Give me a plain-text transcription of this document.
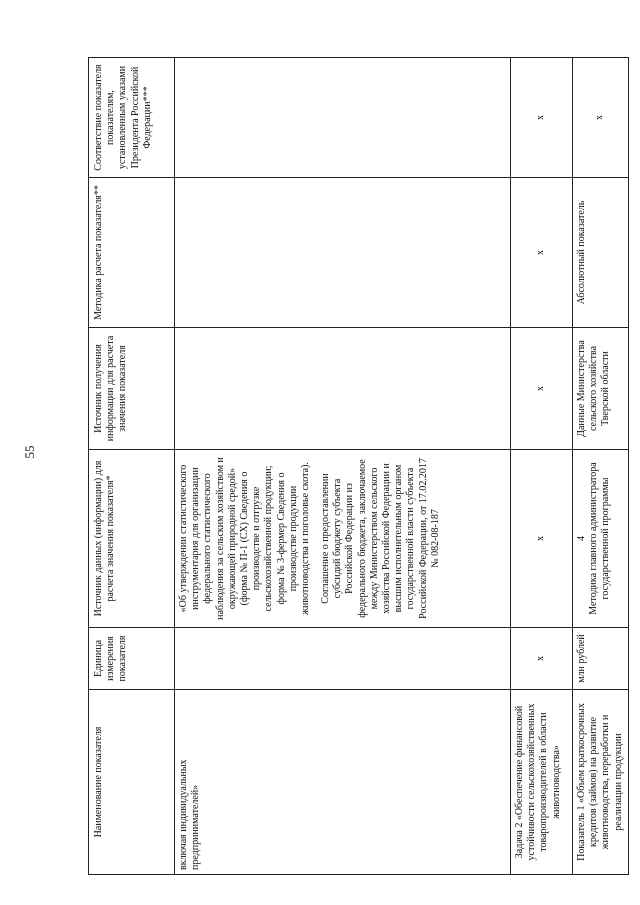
55
Наименование показателя	Единица измерения показателя	Источник данных (информации) для расчета значения показателя*	Источник получения информации для расчета значения показателя	Методика расчета показателя**	Соответствие показателя показателям, установленным указами Президента Российской Федерации***
включая индивидуальных предпринимателей»		«Об утверждении статистического инструментария для организации федерального статистического наблюдения за сельским хозяйством и окружающей природной средой» (форма № П-1 (СХ) Сведения о производстве и отгрузке сельскохозяйственной продукции; форма № 3-фермер Сведения о производстве продукции животноводства и поголовье скота). Соглашение о предоставлении субсидий бюджету субъекта Российской Федерации из федерального бюджета, заключаемое между Министерством сельского хозяйства Российской Федерации и высшим исполнительным органом государственной власти субъекта Российской Федерации, от 17.02.2017 № 082-08-187			

Задача 2 «Обеспечение финансовой устойчивости сельскохозяйственных товаропроизводителей в области животноводства»	х	х	х	х	х
Показатель 1 «Объем краткосрочных кредитов (займов) на развитие животноводства, переработки и реализации продукции	млн рублей	4 Методика главного администратора государственной программы	Данные Министерства сельского хозяйства Тверской области	Абсолютный показатель	х
